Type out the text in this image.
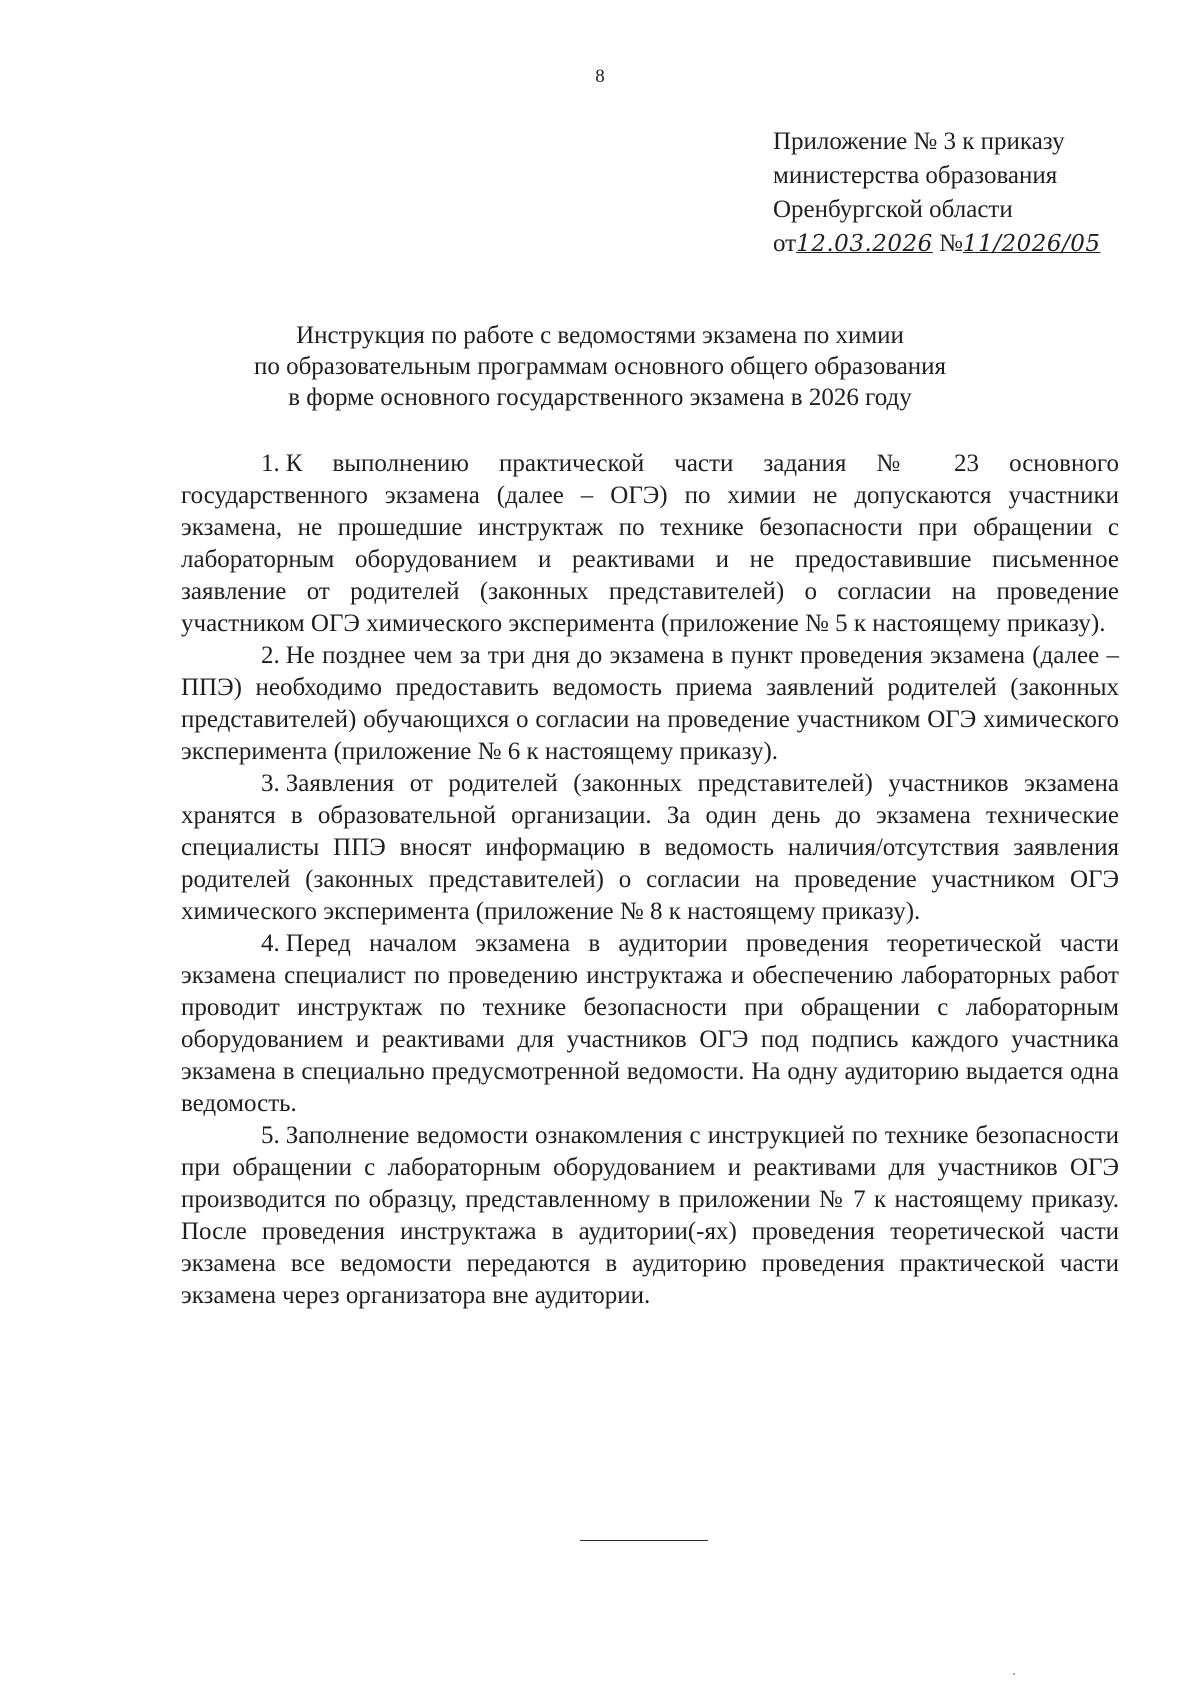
8
Приложение № 3 к приказу
министерства образования
Оренбургской области
от12.03.2026 №11/2026/05
Инструкция по работе с ведомостями экзамена по химии
по образовательным программам основного общего образования
в форме основного государственного экзамена в 2026 году

1. К выполнению практической части задания № 23 основного государственного экзамена (далее – ОГЭ) по химии не допускаются участники экзамена, не прошедшие инструктаж по технике безопасности при обращении с лабораторным оборудованием и реактивами и не предоставившие письменное заявление от родителей (законных представителей) о согласии на проведение участником ОГЭ химического эксперимента (приложение № 5 к настоящему приказу).

2. Не позднее чем за три дня до экзамена в пункт проведения экзамена (далее – ППЭ) необходимо предоставить ведомость приема заявлений родителей (законных представителей) обучающихся о согласии на проведение участником ОГЭ химического эксперимента (приложение № 6 к настоящему приказу).

3. Заявления от родителей (законных представителей) участников экзамена хранятся в образовательной организации. За один день до экзамена технические специалисты ППЭ вносят информацию в ведомость наличия/отсутствия заявления родителей (законных представителей) о согласии на проведение участником ОГЭ химического эксперимента (приложение № 8 к настоящему приказу).

4. Перед началом экзамена в аудитории проведения теоретической части экзамена специалист по проведению инструктажа и обеспечению лабораторных работ проводит инструктаж по технике безопасности при обращении с лабораторным оборудованием и реактивами для участников ОГЭ под подпись каждого участника экзамена в специально предусмотренной ведомости. На одну аудиторию выдается одна ведомость.

5. Заполнение ведомости ознакомления с инструкцией по технике безопасности при обращении с лабораторным оборудованием и реактивами для участников ОГЭ производится по образцу, представленному в приложении № 7 к настоящему приказу. После проведения инструктажа в аудитории(-ях) проведения теоретической части экзамена все ведомости передаются в аудиторию проведения практической части экзамена через организатора вне аудитории.
